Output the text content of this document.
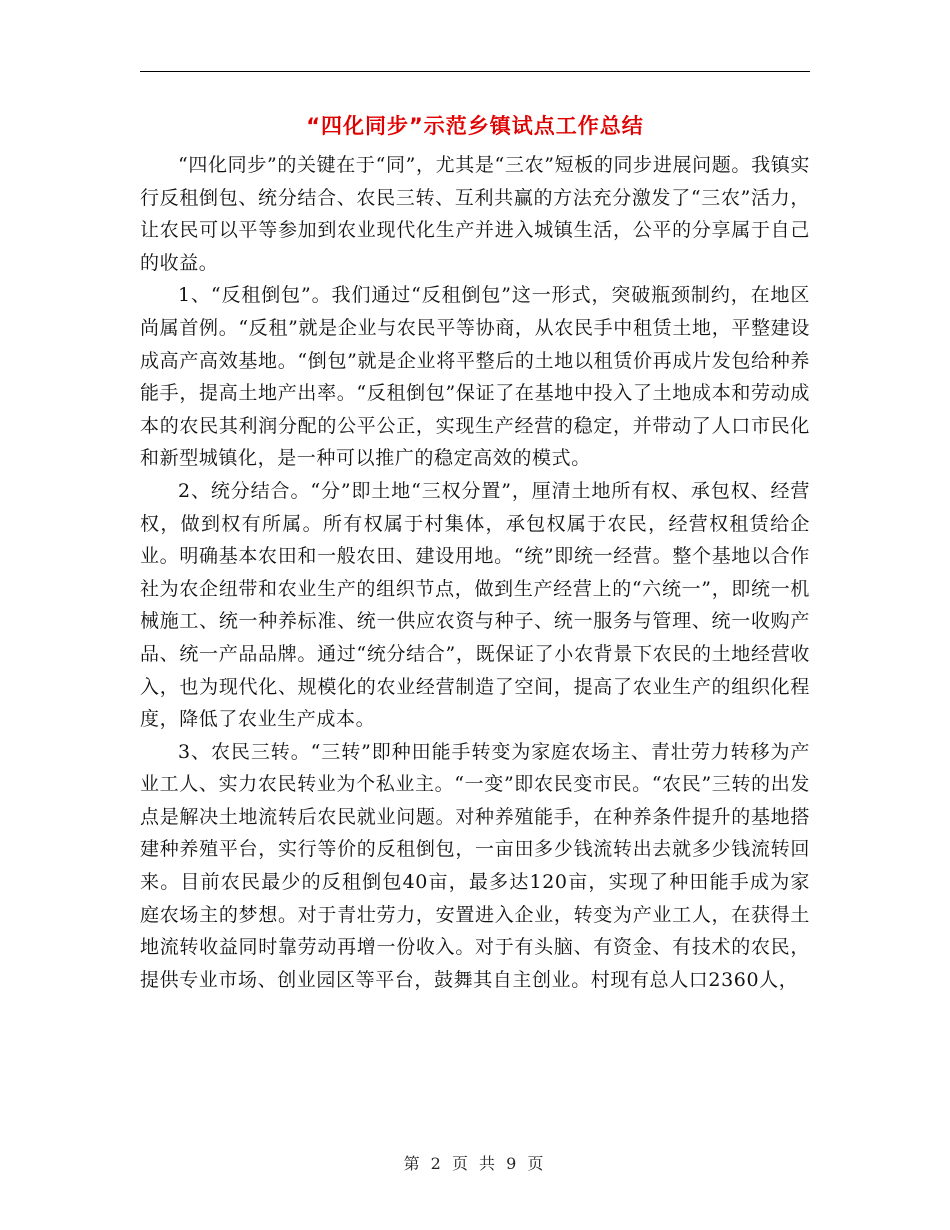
“四化同步”示范乡镇试点工作总结

“四化同步”的关键在于“同”，尤其是“三农”短板的同步进展问题。我镇实行反租倒包、统分结合、农民三转、互利共赢的方法充分激发了“三农”活力，让农民可以平等参加到农业现代化生产并进入城镇生活，公平的分享属于自己的收益。

1、“反租倒包”。我们通过“反租倒包”这一形式，突破瓶颈制约，在地区尚属首例。“反租”就是企业与农民平等协商，从农民手中租赁土地，平整建设成高产高效基地。“倒包”就是企业将平整后的土地以租赁价再成片发包给种养能手，提高土地产出率。“反租倒包”保证了在基地中投入了土地成本和劳动成本的农民其利润分配的公平公正，实现生产经营的稳定，并带动了人口市民化和新型城镇化，是一种可以推广的稳定高效的模式。

2、统分结合。“分”即土地“三权分置”，厘清土地所有权、承包权、经营权，做到权有所属。所有权属于村集体，承包权属于农民，经营权租赁给企业。明确基本农田和一般农田、建设用地。“统”即统一经营。整个基地以合作社为农企纽带和农业生产的组织节点，做到生产经营上的“六统一”，即统一机械施工、统一种养标准、统一供应农资与种子、统一服务与管理、统一收购产品、统一产品品牌。通过“统分结合”，既保证了小农背景下农民的土地经营收入，也为现代化、规模化的农业经营制造了空间，提高了农业生产的组织化程度，降低了农业生产成本。

3、农民三转。“三转”即种田能手转变为家庭农场主、青壮劳力转移为产业工人、实力农民转业为个私业主。“一变”即农民变市民。“农民”三转的出发点是解决土地流转后农民就业问题。对种养殖能手，在种养条件提升的基地搭建种养殖平台，实行等价的反租倒包，一亩田多少钱流转出去就多少钱流转回来。目前农民最少的反租倒包40亩，最多达120亩，实现了种田能手成为家庭农场主的梦想。对于青壮劳力，安置进入企业，转变为产业工人，在获得土地流转收益同时靠劳动再增一份收入。对于有头脑、有资金、有技术的农民，提供专业市场、创业园区等平台，鼓舞其自主创业。村现有总人口2360人，

第 2 页 共 9 页
